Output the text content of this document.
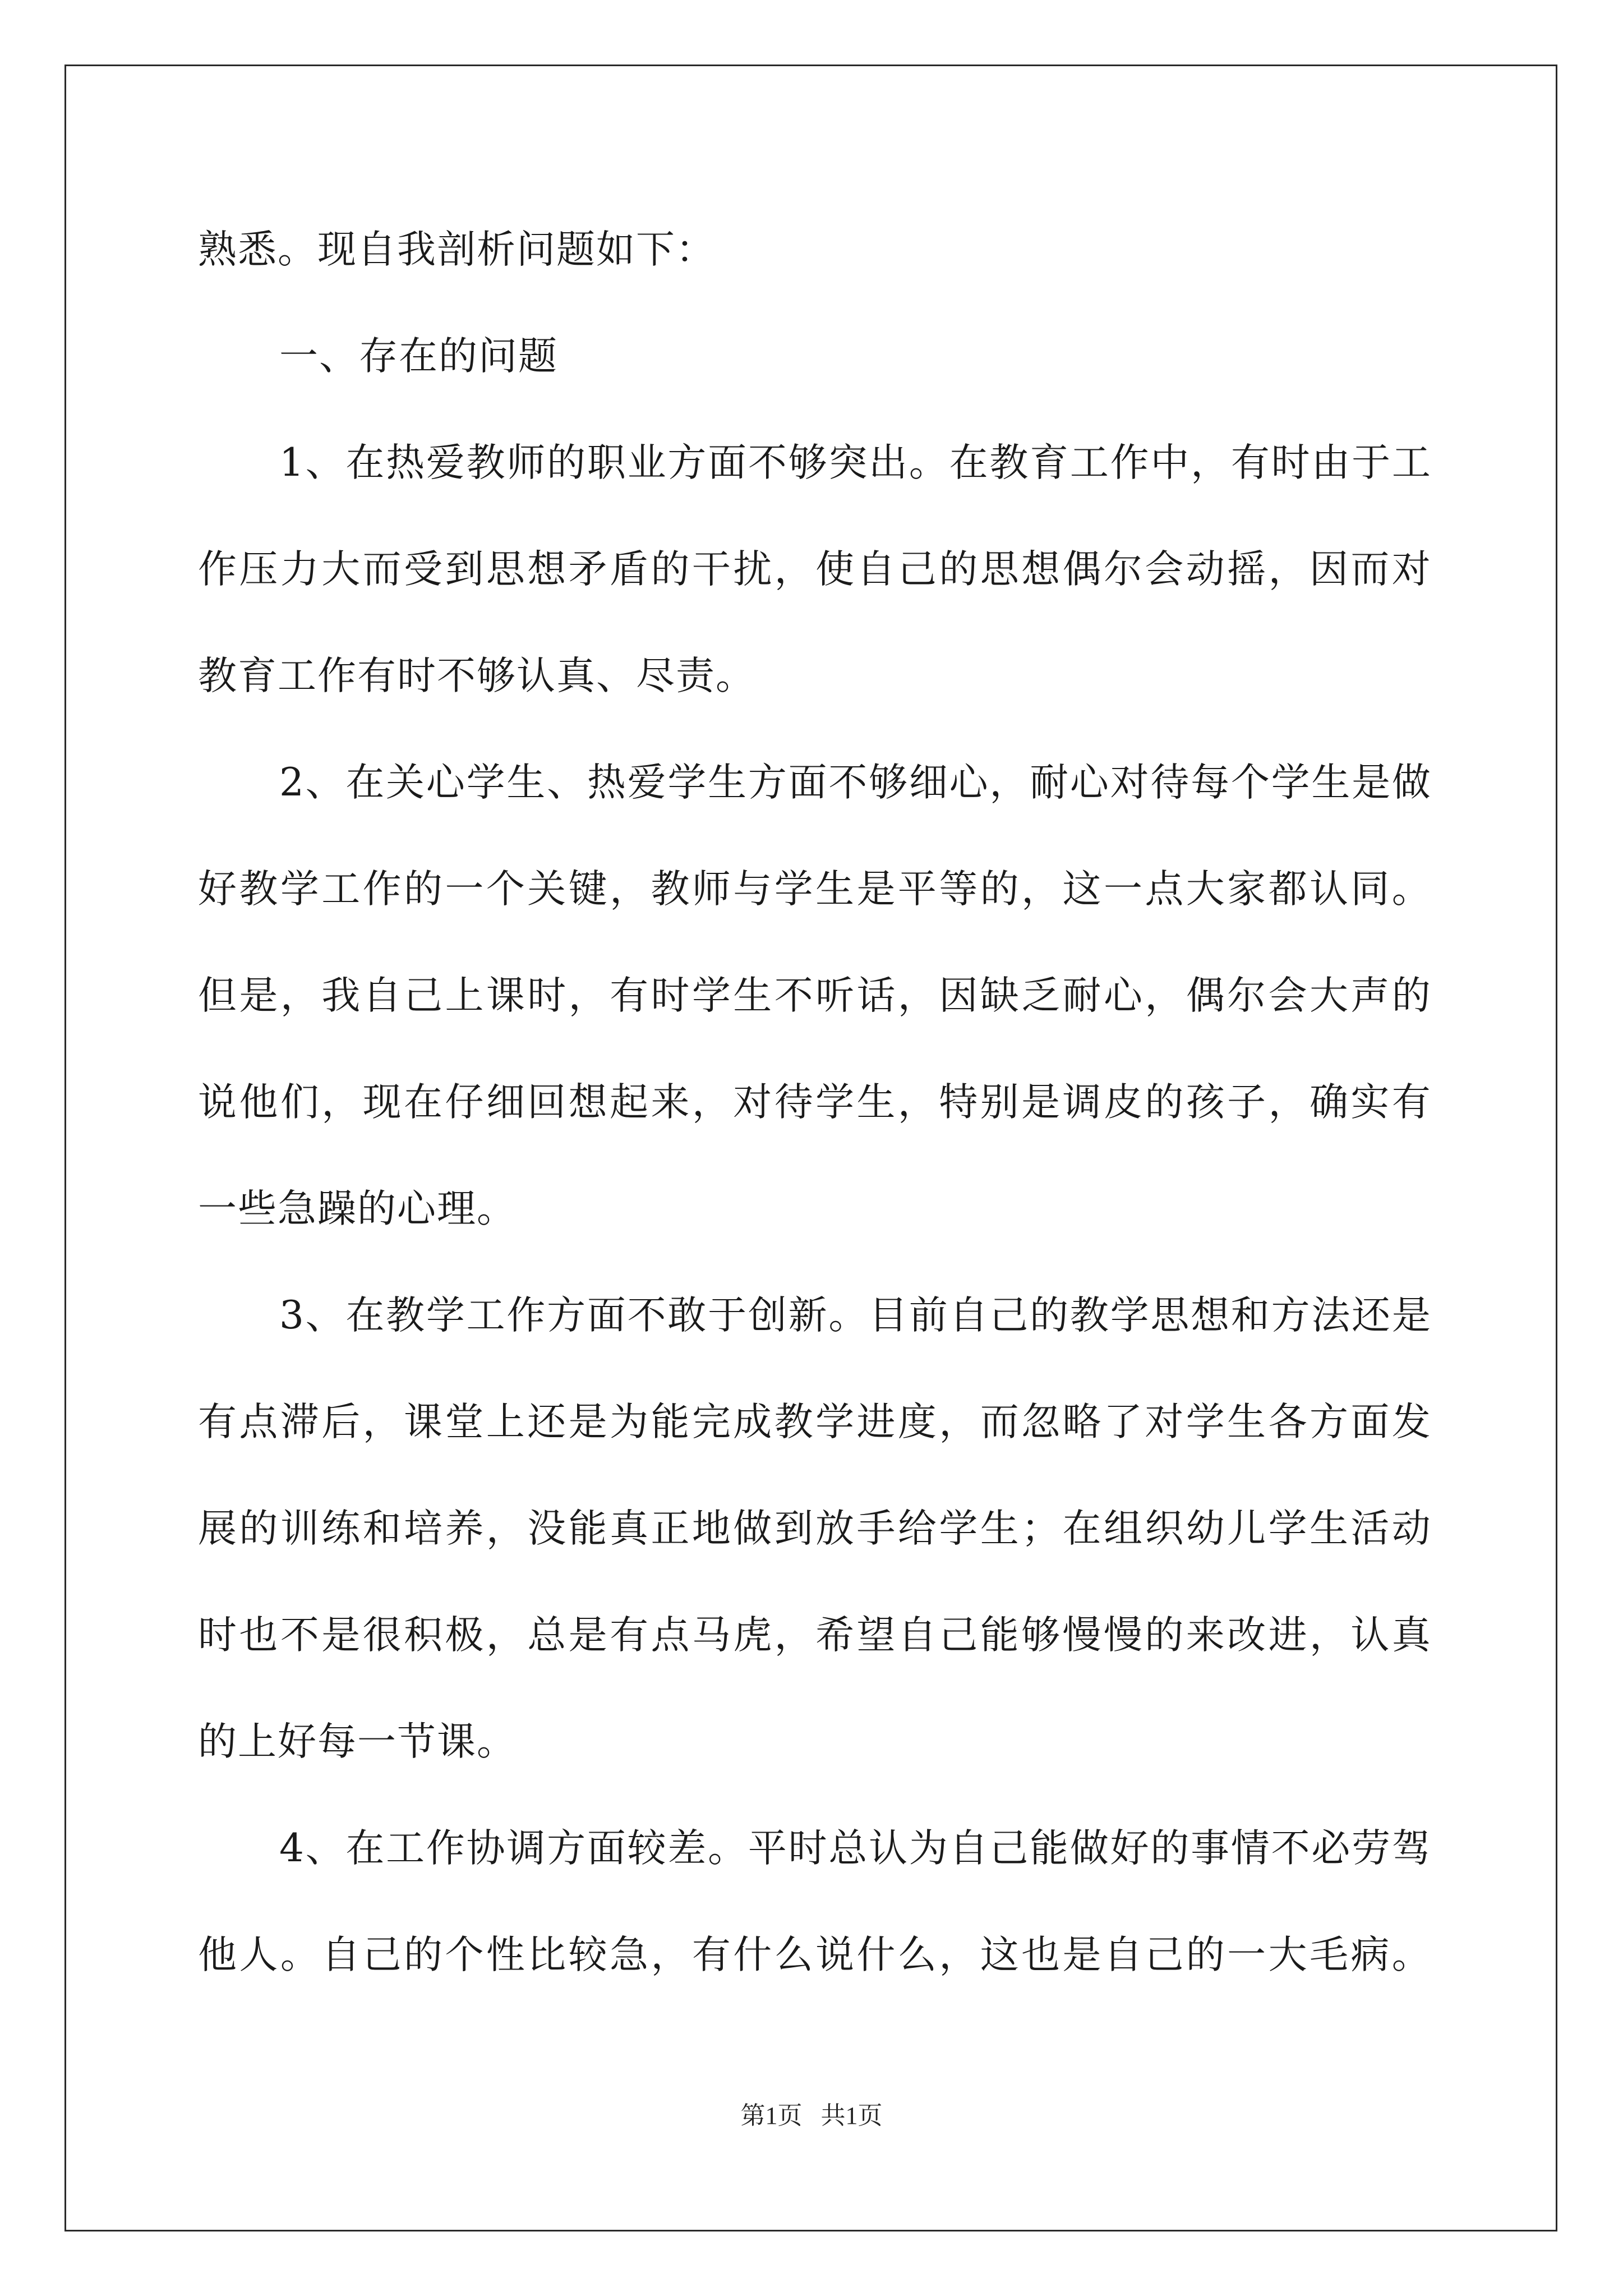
熟悉。现自我剖析问题如下：
一、存在的问题
1 、 在 热 爱 教 师 的 职 业 方 面 不 够 突 出 。 在 教 育 工 作 中 ， 有 时 由 于 工
作 压 力 大 而 受 到 思 想 矛 盾 的 干 扰 ， 使 自 己 的 思 想 偶 尔 会 动 摇 ， 因 而 对
教育工作有时不够认真、尽责。
2 、 在 关 心 学 生 、 热 爱 学 生 方 面 不 够 细 心 ， 耐 心 对 待 每 个 学 生 是 做
好 教 学 工 作 的 一 个 关 键 ， 教 师 与 学 生 是 平 等 的 ， 这 一 点 大 家 都 认 同 。
但 是 ， 我 自 己 上 课 时 ， 有 时 学 生 不 听 话 ， 因 缺 乏 耐 心 ， 偶 尔 会 大 声 的
说 他 们 ， 现 在 仔 细 回 想 起 来 ， 对 待 学 生 ， 特 别 是 调 皮 的 孩 子 ， 确 实 有
一些急躁的心理。
3 、 在 教 学 工 作 方 面 不 敢 于 创 新 。 目 前 自 己 的 教 学 思 想 和 方 法 还 是
有 点 滞 后 ， 课 堂 上 还 是 为 能 完 成 教 学 进 度 ， 而 忽 略 了 对 学 生 各 方 面 发
展 的 训 练 和 培 养 ， 没 能 真 正 地 做 到 放 手 给 学 生 ； 在 组 织 幼 儿 学 生 活 动
时 也 不 是 很 积 极 ， 总 是 有 点 马 虎 ， 希 望 自 己 能 够 慢 慢 的 来 改 进 ， 认 真
的上好每一节课。
4 、 在 工 作 协 调 方 面 较 差 。 平 时 总 认 为 自 己 能 做 好 的 事 情 不 必 劳 驾
他 人 。 自 己 的 个 性 比 较 急 ， 有 什 么 说 什 么 ， 这 也 是 自 己 的 一 大 毛 病 。
第1页   共1页
